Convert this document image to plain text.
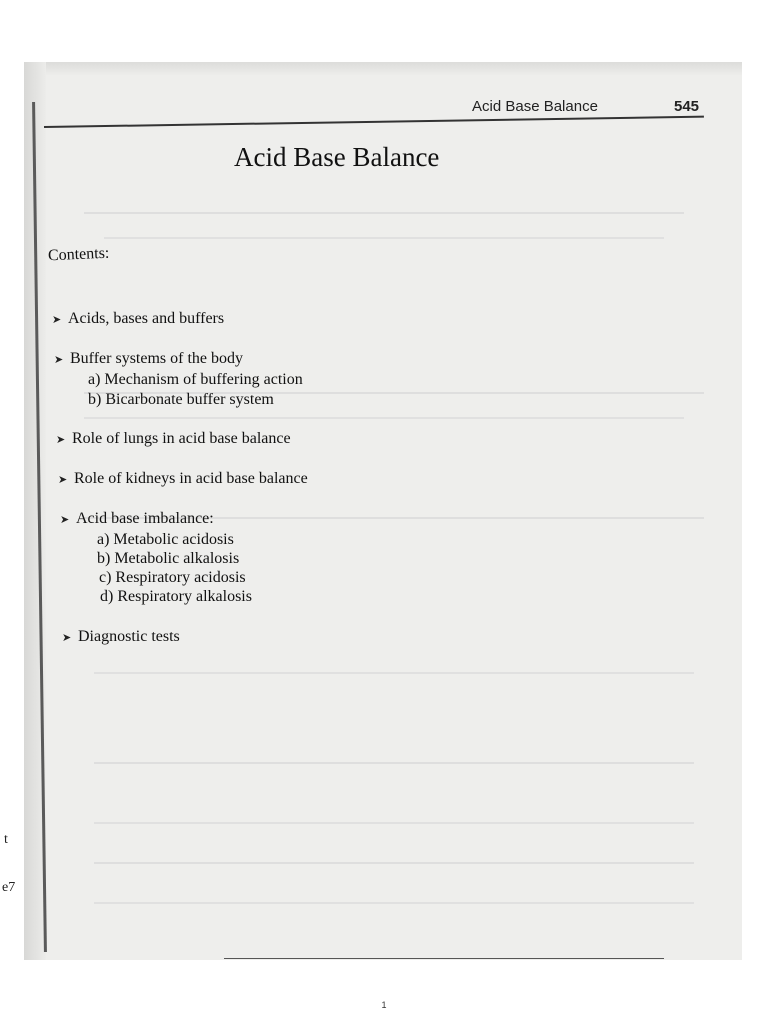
Acid Base Balance	545
Acid Base Balance
Contents:
➤ Acids, bases and buffers
➤ Buffer systems of the body
a) Mechanism of buffering action
b) Bicarbonate buffer system
➤ Role of lungs in acid base balance
➤ Role of kidneys in acid base balance
➤ Acid base imbalance:
a) Metabolic acidosis
b) Metabolic alkalosis
c) Respiratory acidosis
d) Respiratory alkalosis
➤ Diagnostic tests
t
e7
1
